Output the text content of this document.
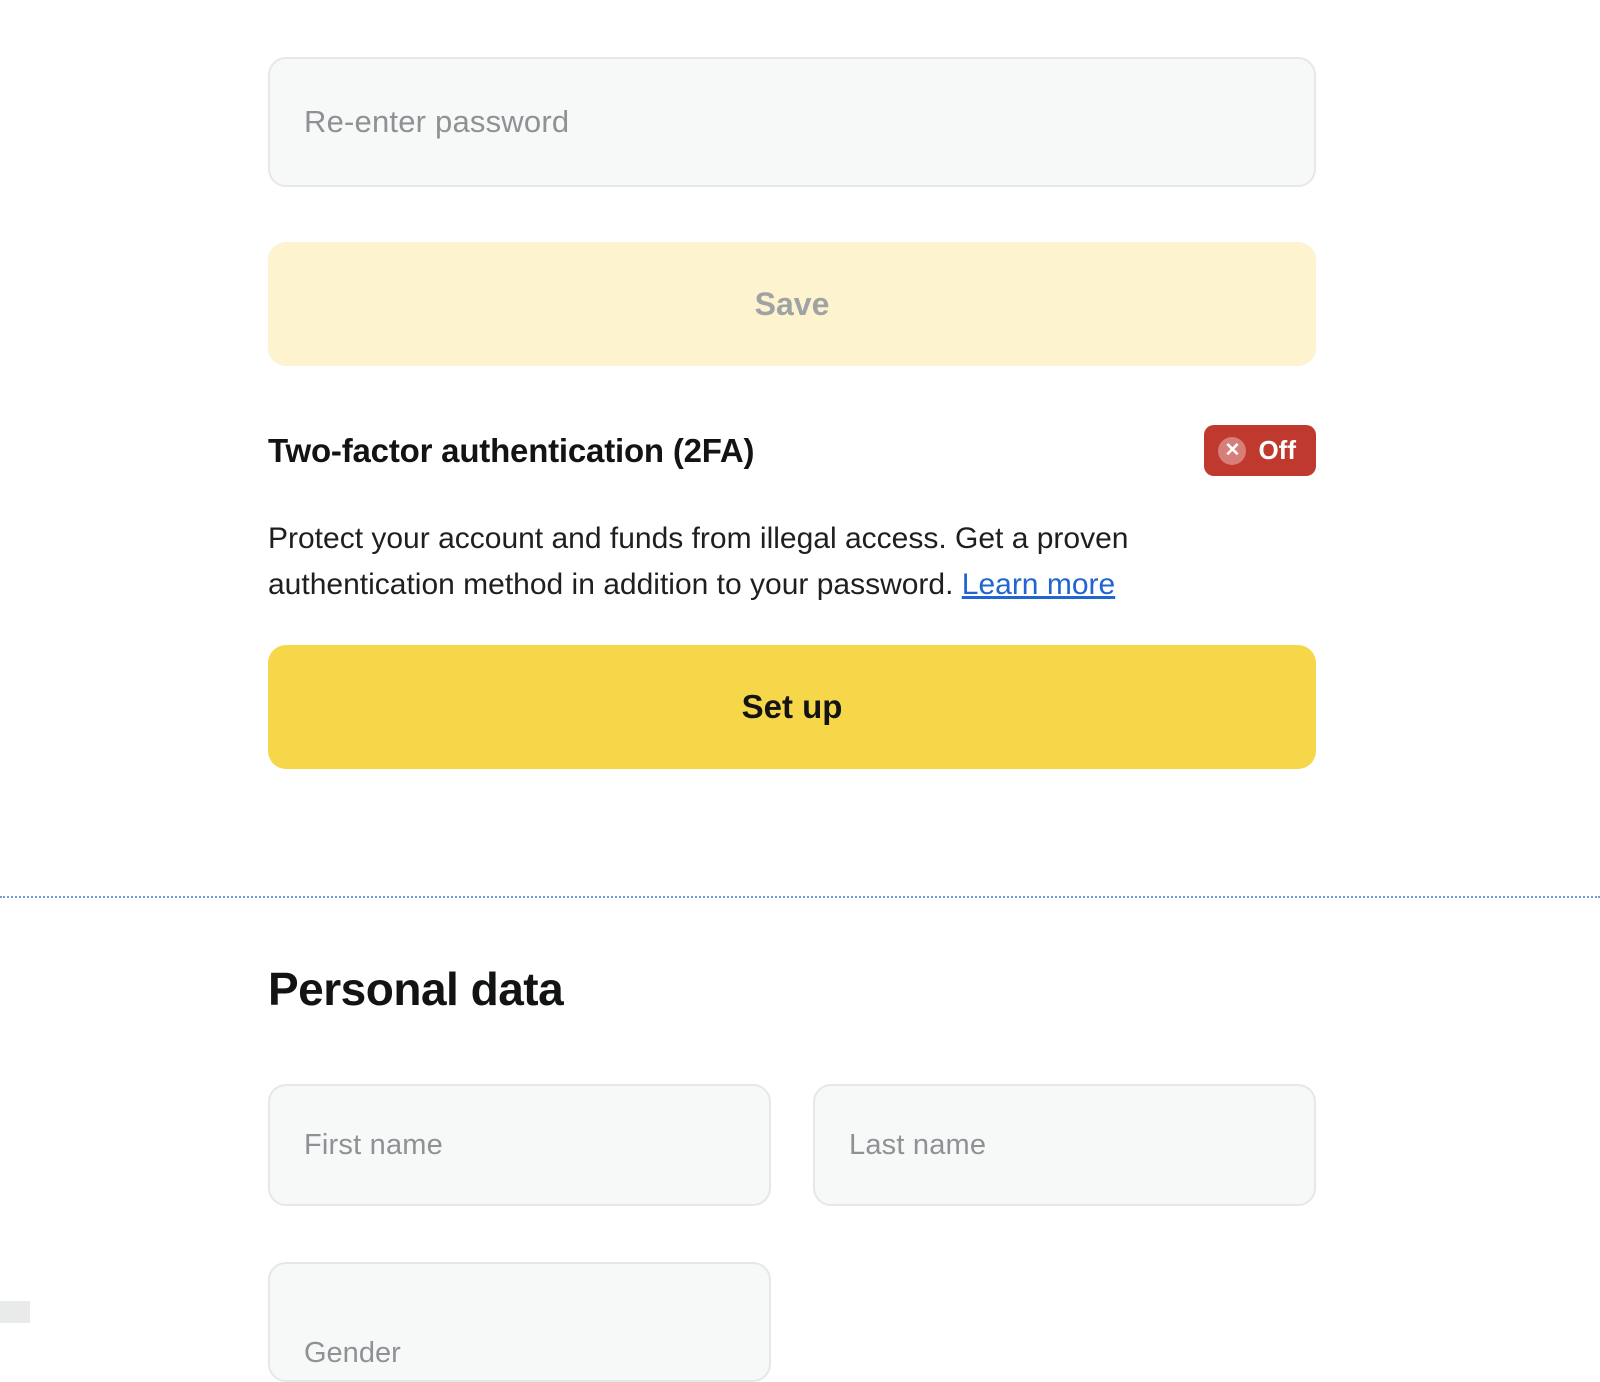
Re-enter password
Save
Two-factor authentication (2FA)	✕ Off
Protect your account and funds from illegal access. Get a proven authentication method in addition to your password. Learn more
Set up
Personal data
First name	Last name
Gender
